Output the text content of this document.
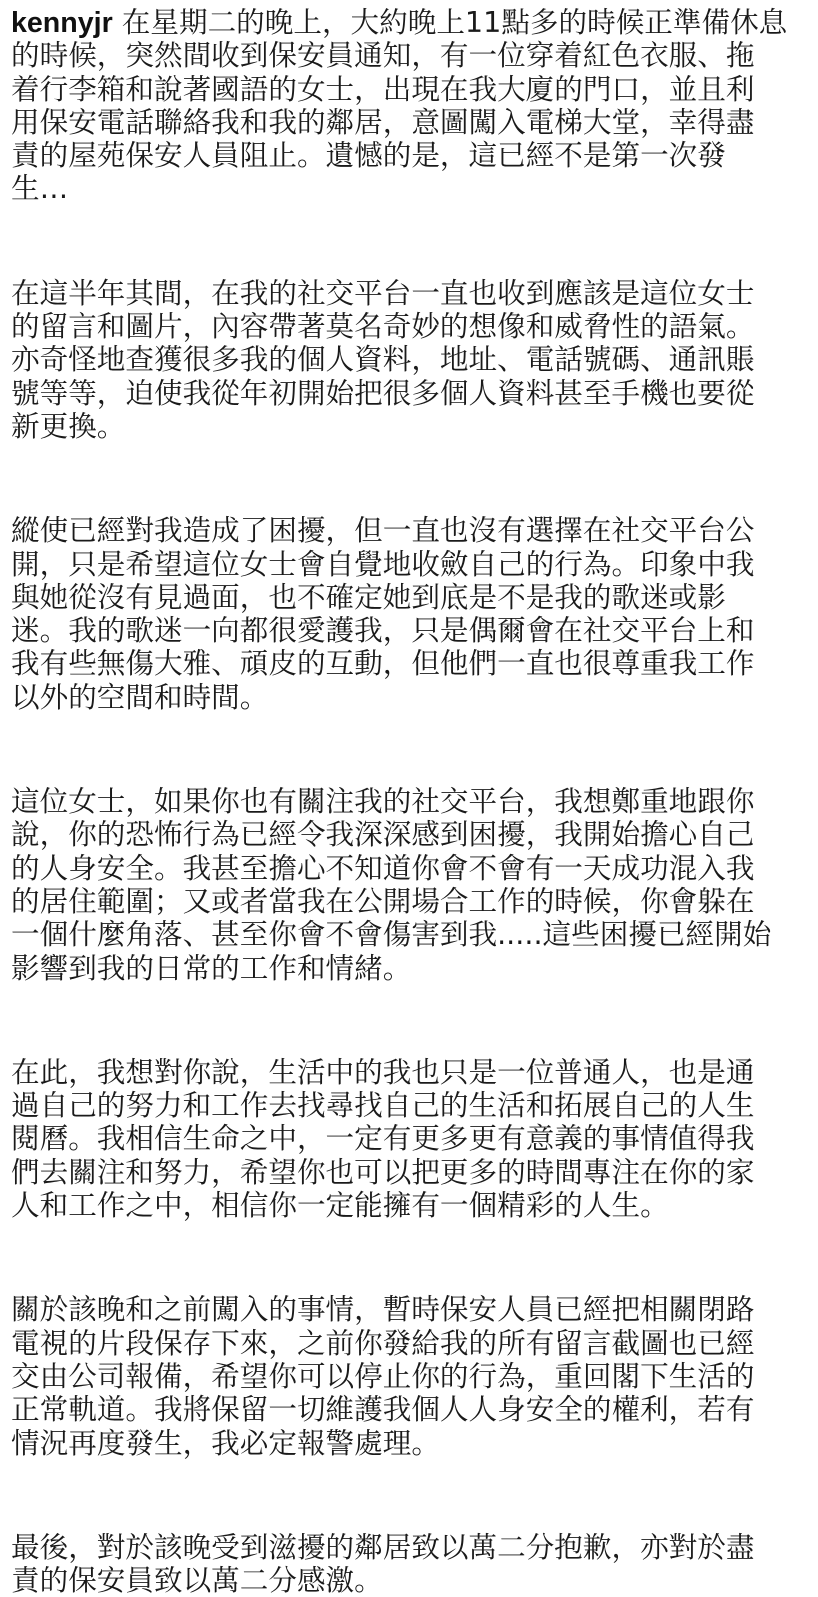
kennyjr 在星期二的晚上，大約晚上11點多的時候正準備休息
的時候，突然間收到保安員通知，有一位穿着紅色衣服、拖
着行李箱和說著國語的女士，出現在我大廈的門口，並且利
用保安電話聯絡我和我的鄰居，意圖闖入電梯大堂，幸得盡
責的屋苑保安人員阻止。遺憾的是，這已經不是第一次發
生…
在這半年其間，在我的社交平台一直也收到應該是這位女士
的留言和圖片，內容帶著莫名奇妙的想像和威脅性的語氣。
亦奇怪地查獲很多我的個人資料，地址、電話號碼、通訊賬
號等等，迫使我從年初開始把很多個人資料甚至手機也要從
新更換。
縱使已經對我造成了困擾，但一直也沒有選擇在社交平台公
開，只是希望這位女士會自覺地收斂自己的行為。印象中我
與她從沒有見過面，也不確定她到底是不是我的歌迷或影
迷。我的歌迷一向都很愛護我，只是偶爾會在社交平台上和
我有些無傷大雅、頑皮的互動，但他們一直也很尊重我工作
以外的空間和時間。
這位女士，如果你也有關注我的社交平台，我想鄭重地跟你
說，你的恐怖行為已經令我深深感到困擾，我開始擔心自己
的人身安全。我甚至擔心不知道你會不會有一天成功混入我
的居住範圍；又或者當我在公開場合工作的時候，你會躲在
一個什麼角落、甚至你會不會傷害到我.....這些困擾已經開始
影響到我的日常的工作和情緒。
在此，我想對你說，生活中的我也只是一位普通人，也是通
過自己的努力和工作去找尋找自己的生活和拓展自己的人生
閱曆。我相信生命之中，一定有更多更有意義的事情值得我
們去關注和努力，希望你也可以把更多的時間專注在你的家
人和工作之中，相信你一定能擁有一個精彩的人生。
關於該晚和之前闖入的事情，暫時保安人員已經把相關閉路
電視的片段保存下來，之前你發給我的所有留言截圖也已經
交由公司報備，希望你可以停止你的行為，重回閣下生活的
正常軌道。我將保留一切維護我個人人身安全的權利，若有
情況再度發生，我必定報警處理。
最後，對於該晚受到滋擾的鄰居致以萬二分抱歉，亦對於盡
責的保安員致以萬二分感激。
